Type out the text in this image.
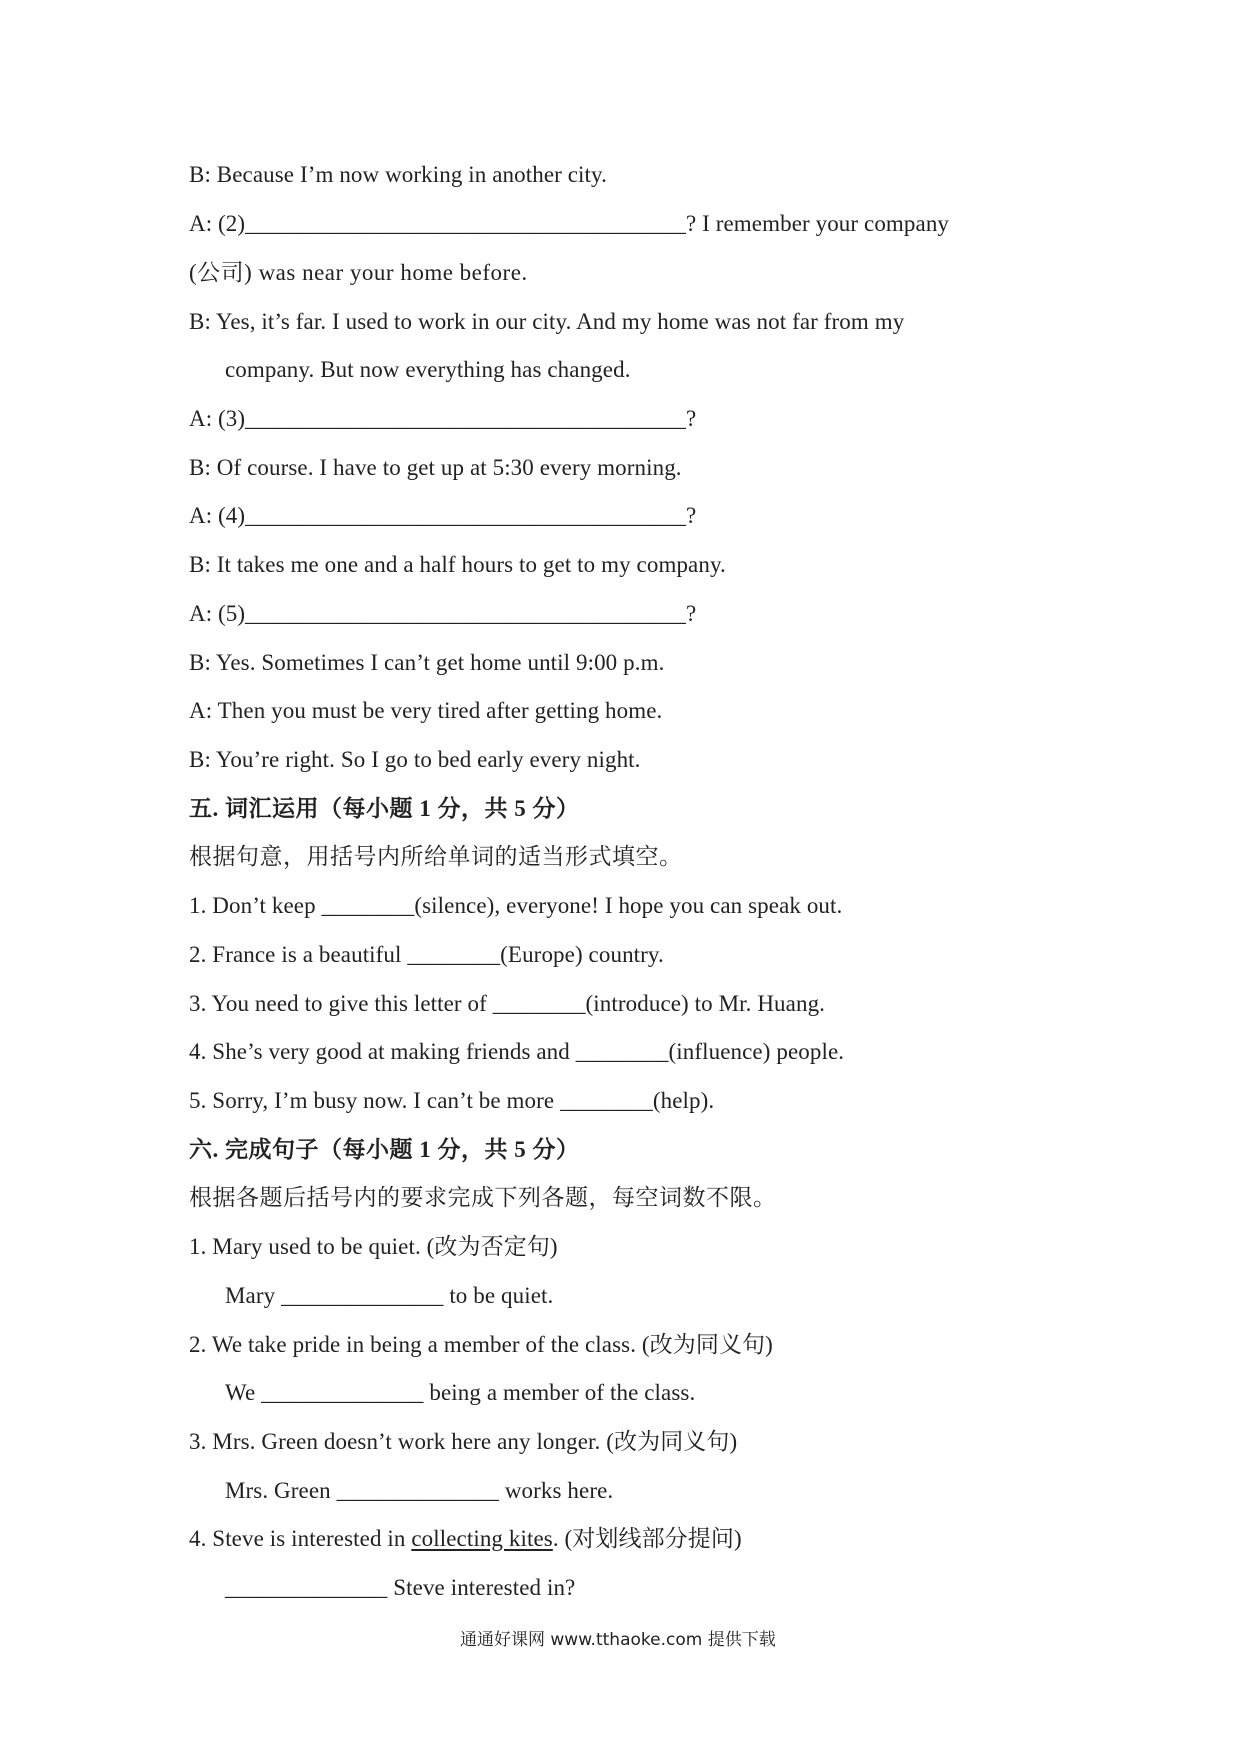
B: Because I’m now working in another city.
A: (2)______________________________________? I remember your company
(公司) was near your home before.
B: Yes, it’s far. I used to work in our city. And my home was not far from my
company. But now everything has changed.
A: (3)______________________________________?
B: Of course. I have to get up at 5:30 every morning.
A: (4)______________________________________?
B: It takes me one and a half hours to get to my company.
A: (5)______________________________________?
B: Yes. Sometimes I can’t get home until 9:00 p.m.
A: Then you must be very tired after getting home.
B: You’re right. So I go to bed early every night.
五. 词汇运用（每小题 1 分，共 5 分）
根据句意，用括号内所给单词的适当形式填空。
1. Don’t keep ________(silence), everyone! I hope you can speak out.
2. France is a beautiful ________(Europe) country.
3. You need to give this letter of ________(introduce) to Mr. Huang.
4. She’s very good at making friends and ________(influence) people.
5. Sorry, I’m busy now. I can’t be more ________(help).
六. 完成句子（每小题 1 分，共 5 分）
根据各题后括号内的要求完成下列各题，每空词数不限。
1. Mary used to be quiet. (改为否定句)
Mary ______________ to be quiet.
2. We take pride in being a member of the class. (改为同义句)
We ______________ being a member of the class.
3. Mrs. Green doesn’t work here any longer. (改为同义句)
Mrs. Green ______________ works here.
4. Steve is interested in collecting kites. (对划线部分提问)
______________ Steve interested in?
通通好课网 www.tthaoke.com 提供下载
